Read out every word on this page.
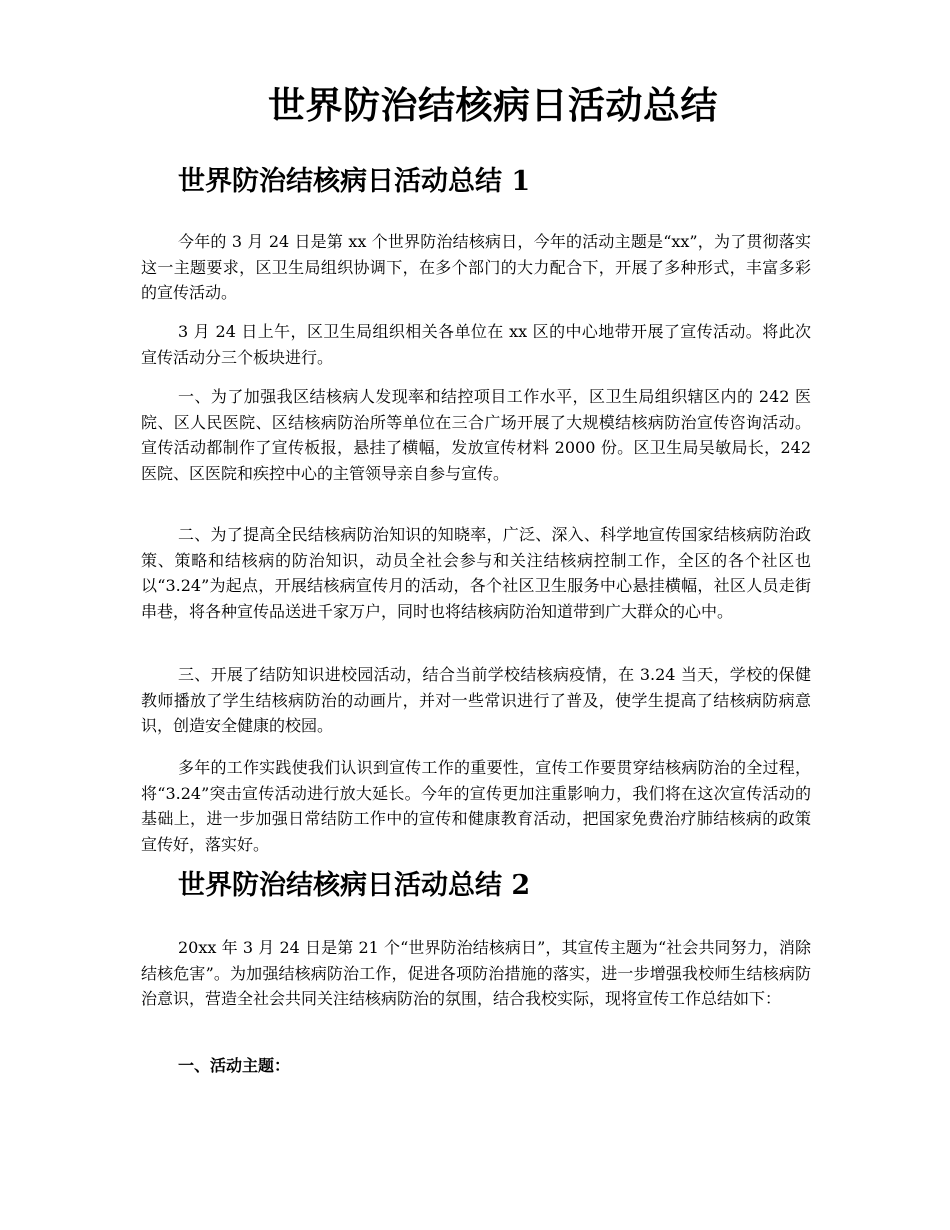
世界防治结核病日活动总结
世界防治结核病日活动总结 1

今年的 3 月 24 日是第 xx 个世界防治结核病日，今年的活动主题是“xx”，为了贯彻落实这一主题要求，区卫生局组织协调下，在多个部门的大力配合下，开展了多种形式，丰富多彩的宣传活动。

3 月 24 日上午，区卫生局组织相关各单位在 xx 区的中心地带开展了宣传活动。将此次宣传活动分三个板块进行。

一、为了加强我区结核病人发现率和结控项目工作水平，区卫生局组织辖区内的 242 医院、区人民医院、区结核病防治所等单位在三合广场开展了大规模结核病防治宣传咨询活动。宣传活动都制作了宣传板报，悬挂了横幅，发放宣传材料 2000 份。区卫生局吴敏局长，242 医院、区医院和疾控中心的主管领导亲自参与宣传。

二、为了提高全民结核病防治知识的知晓率，广泛、深入、科学地宣传国家结核病防治政策、策略和结核病的防治知识，动员全社会参与和关注结核病控制工作，全区的各个社区也以“3.24”为起点，开展结核病宣传月的活动，各个社区卫生服务中心悬挂横幅，社区人员走街串巷，将各种宣传品送进千家万户，同时也将结核病防治知道带到广大群众的心中。

三、开展了结防知识进校园活动，结合当前学校结核病疫情，在 3.24 当天，学校的保健教师播放了学生结核病防治的动画片，并对一些常识进行了普及，使学生提高了结核病防病意识，创造安全健康的校园。

多年的工作实践使我们认识到宣传工作的重要性，宣传工作要贯穿结核病防治的全过程，将“3.24”突击宣传活动进行放大延长。今年的宣传更加注重影响力，我们将在这次宣传活动的基础上，进一步加强日常结防工作中的宣传和健康教育活动，把国家免费治疗肺结核病的政策宣传好，落实好。

世界防治结核病日活动总结 2

20xx 年 3 月 24 日是第 21 个“世界防治结核病日”，其宣传主题为“社会共同努力，消除结核危害”。为加强结核病防治工作，促进各项防治措施的落实，进一步增强我校师生结核病防治意识，营造全社会共同关注结核病防治的氛围，结合我校实际，现将宣传工作总结如下：

一、活动主题：
